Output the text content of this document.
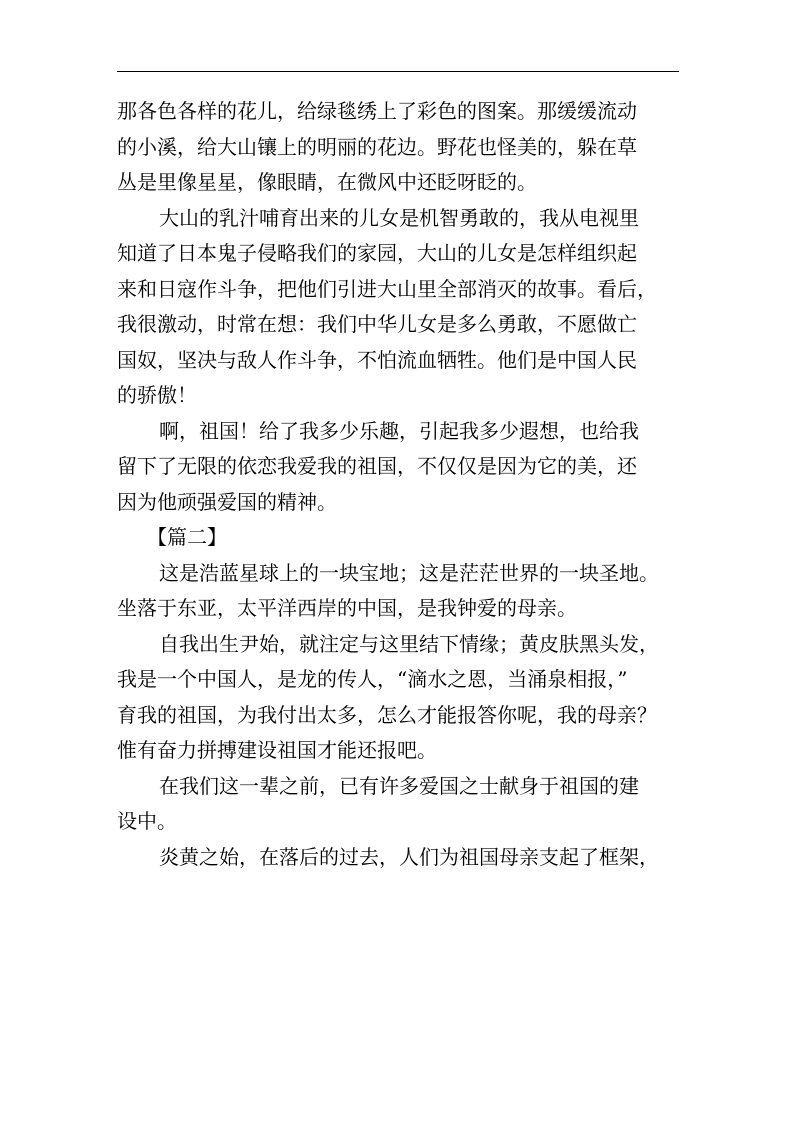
那各色各样的花儿，给绿毯绣上了彩色的图案。那缓缓流动
的小溪，给大山镶上的明丽的花边。野花也怪美的，躲在草
丛是里像星星，像眼睛，在微风中还眨呀眨的。
大山的乳汁哺育出来的儿女是机智勇敢的，我从电视里
知道了日本鬼子侵略我们的家园，大山的儿女是怎样组织起
来和日寇作斗争，把他们引进大山里全部消灭的故事。看后，
我很激动，时常在想：我们中华儿女是多么勇敢，不愿做亡
国奴，坚决与敌人作斗争，不怕流血牺牲。他们是中国人民
的骄傲！
啊，祖国！给了我多少乐趣，引起我多少遐想，也给我
留下了无限的依恋我爱我的祖国，不仅仅是因为它的美，还
因为他顽强爱国的精神。
【篇二】
这是浩蓝星球上的一块宝地；这是茫茫世界的一块圣地。
坐落于东亚，太平洋西岸的中国，是我钟爱的母亲。
自我出生尹始，就注定与这里结下情缘；黄皮肤黑头发，
我是一个中国人，是龙的传人，“滴水之恩，当涌泉相报，”
育我的祖国，为我付出太多，怎么才能报答你呢，我的母亲？
惟有奋力拼搏建设祖国才能还报吧。
在我们这一辈之前，已有许多爱国之士献身于祖国的建
设中。
炎黄之始，在落后的过去，人们为祖国母亲支起了框架，
